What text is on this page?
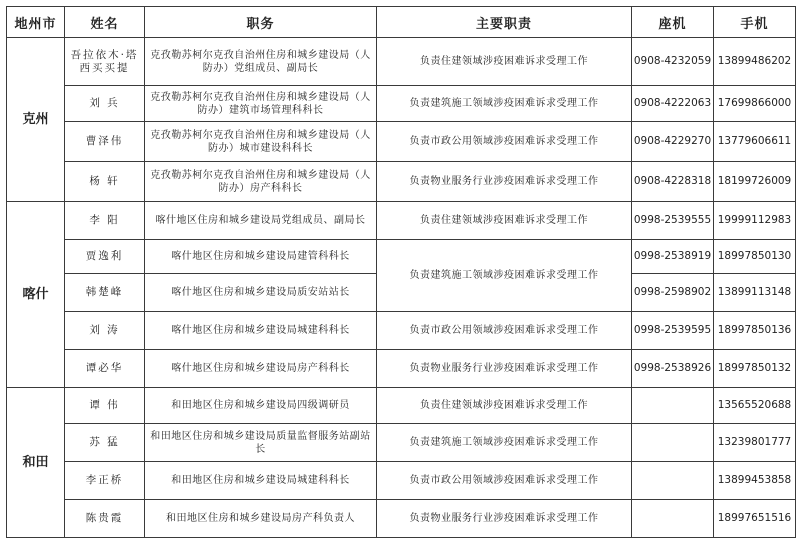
地州市	姓名	职务	主要职责	座机	手机
克州	吾拉依木·塔西买买提	克孜勒苏柯尔克孜自治州住房和城乡建设局（人防办）党组成员、副局长	负责住建领域涉疫困难诉求受理工作	0908-4232059	13899486202
	刘 兵	克孜勒苏柯尔克孜自治州住房和城乡建设局（人防办）建筑市场管理科科长	负责建筑施工领域涉疫困难诉求受理工作	0908-4222063	17699866000
	曹泽伟	克孜勒苏柯尔克孜自治州住房和城乡建设局（人防办）城市建设科科长	负责市政公用领域涉疫困难诉求受理工作	0908-4229270	13779606611
	杨 轩	克孜勒苏柯尔克孜自治州住房和城乡建设局（人防办）房产科科长	负责物业服务行业涉疫困难诉求受理工作	0908-4228318	18199726009
喀什	李 阳	喀什地区住房和城乡建设局党组成员、副局长	负责住建领域涉疫困难诉求受理工作	0998-2539555	19999112983
	贾逸利	喀什地区住房和城乡建设局建管科科长	负责建筑施工领域涉疫困难诉求受理工作	0998-2538919	18997850130
	韩楚峰	喀什地区住房和城乡建设局质安站站长		0998-2598902	13899113148
	刘 涛	喀什地区住房和城乡建设局城建科科长	负责市政公用领域涉疫困难诉求受理工作	0998-2539595	18997850136
	谭必华	喀什地区住房和城乡建设局房产科科长	负责物业服务行业涉疫困难诉求受理工作	0998-2538926	18997850132
和田	谭 伟	和田地区住房和城乡建设局四级调研员	负责住建领域涉疫困难诉求受理工作		13565520688
	苏 猛	和田地区住房和城乡建设局质量监督服务站副站长	负责建筑施工领域涉疫困难诉求受理工作		13239801777
	李正桥	和田地区住房和城乡建设局城建科科长	负责市政公用领域涉疫困难诉求受理工作		13899453858
	陈贵霞	和田地区住房和城乡建设局房产科负责人	负责物业服务行业涉疫困难诉求受理工作		18997651516
